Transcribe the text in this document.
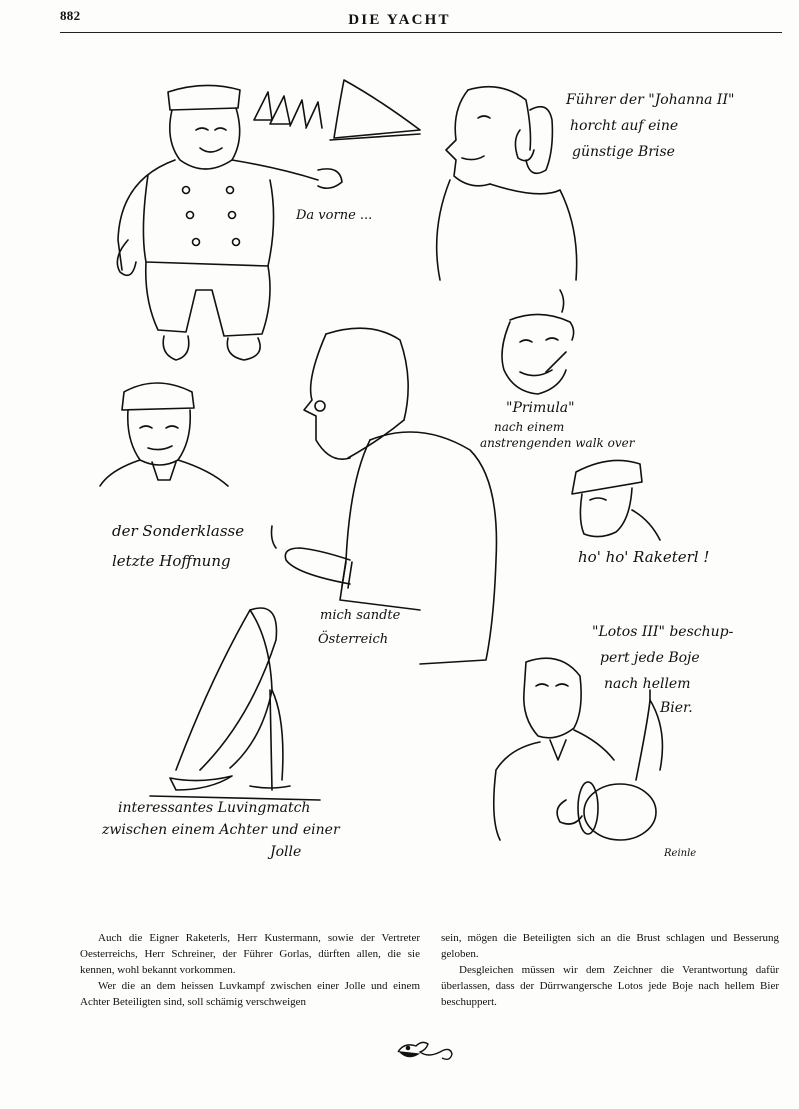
882	DIE YACHT
Da vorne ...
Führer der "Johanna II"
horcht auf eine
günstige Brise
"Primula"
nach einem
anstrengenden walk over
der Sonderklasse
letzte Hoffnung	ho' ho' Raketerl !
mich sandte
Österreich	"Lotos III" beschup-
pert jede Boje
nach hellem
Bier.
interessantes Luvingmatch
zwischen einem Achter und einer
Jolle	Reinle

Auch die Eigner Raketerls, Herr Kustermann, sowie der Vertreter Oesterreichs, Herr Schreiner, der Führer Gorlas, dürften allen, die sie kennen, wohl bekannt vorkommen.

Wer die an dem heissen Luvkampf zwischen einer Jolle und einem Achter Beteiligten sind, soll schämig verschweigen

sein, mögen die Beteiligten sich an die Brust schlagen und Besserung geloben.

Desgleichen müssen wir dem Zeichner die Verantwortung dafür überlassen, dass der Dürrwangersche Lotos jede Boje nach hellem Bier beschuppert.
